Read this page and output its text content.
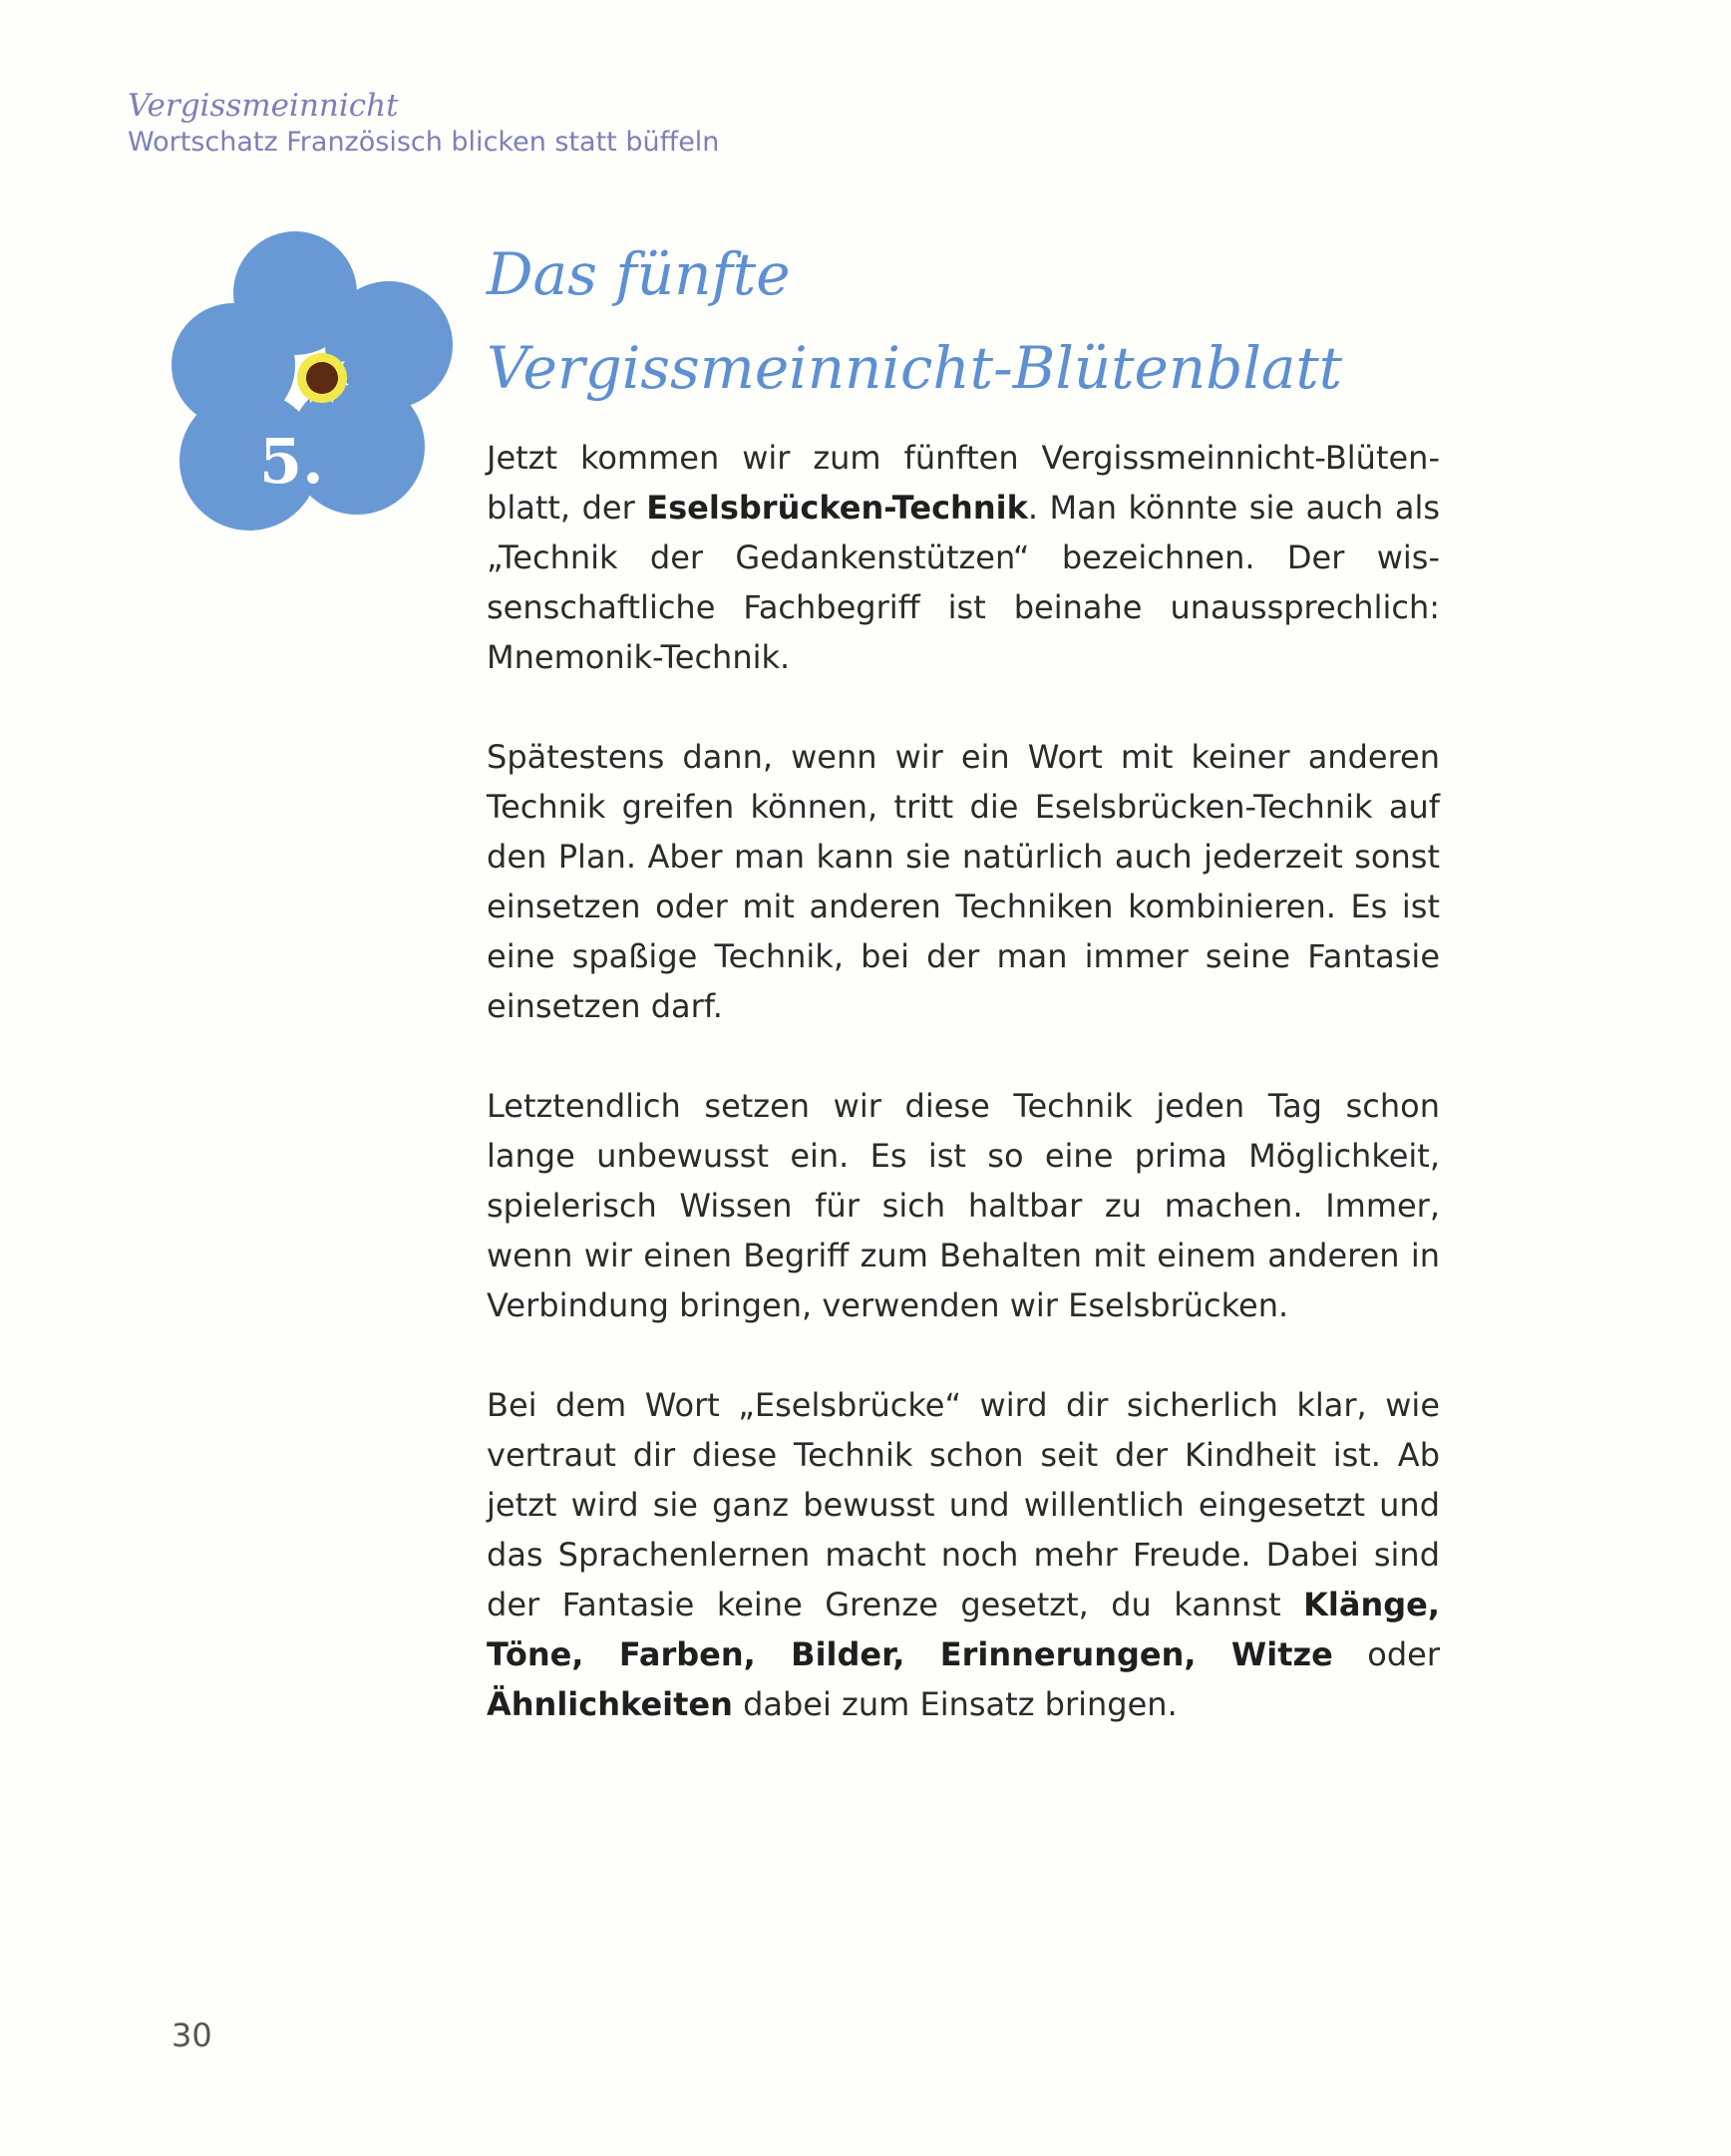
Vergissmeinnicht
Wortschatz Französisch blicken statt büffeln
Das fünfte
Vergissmeinnicht-Blütenblatt

Jetzt kommen wir zum fünften Vergissmeinnicht-Blütenblatt, der Eselsbrücken-Technik. Man könnte sie auch als „Technik der Gedankenstützen“ bezeichnen. Der wissenschaftliche Fachbegriff ist beinahe unaussprechlich: Mnemonik-Technik.

Spätestens dann, wenn wir ein Wort mit keiner anderen Technik greifen können, tritt die Eselsbrücken-Technik auf den Plan. Aber man kann sie natürlich auch jederzeit sonst einsetzen oder mit anderen Techniken kombinieren. Es ist eine spaßige Technik, bei der man immer seine Fantasie einsetzen darf.

Letztendlich setzen wir diese Technik jeden Tag schon lange unbewusst ein. Es ist so eine prima Möglichkeit, spielerisch Wissen für sich haltbar zu machen. Immer, wenn wir einen Begriff zum Behalten mit einem anderen in Verbindung bringen, verwenden wir Eselsbrücken.

Bei dem Wort „Eselsbrücke“ wird dir sicherlich klar, wie vertraut dir diese Technik schon seit der Kindheit ist. Ab jetzt wird sie ganz bewusst und willentlich eingesetzt und das Sprachenlernen macht noch mehr Freude. Dabei sind der Fantasie keine Grenze gesetzt, du kannst Klänge, Töne, Farben, Bilder, Erinnerungen, Witze oder Ähnlichkeiten dabei zum Einsatz bringen.

30
